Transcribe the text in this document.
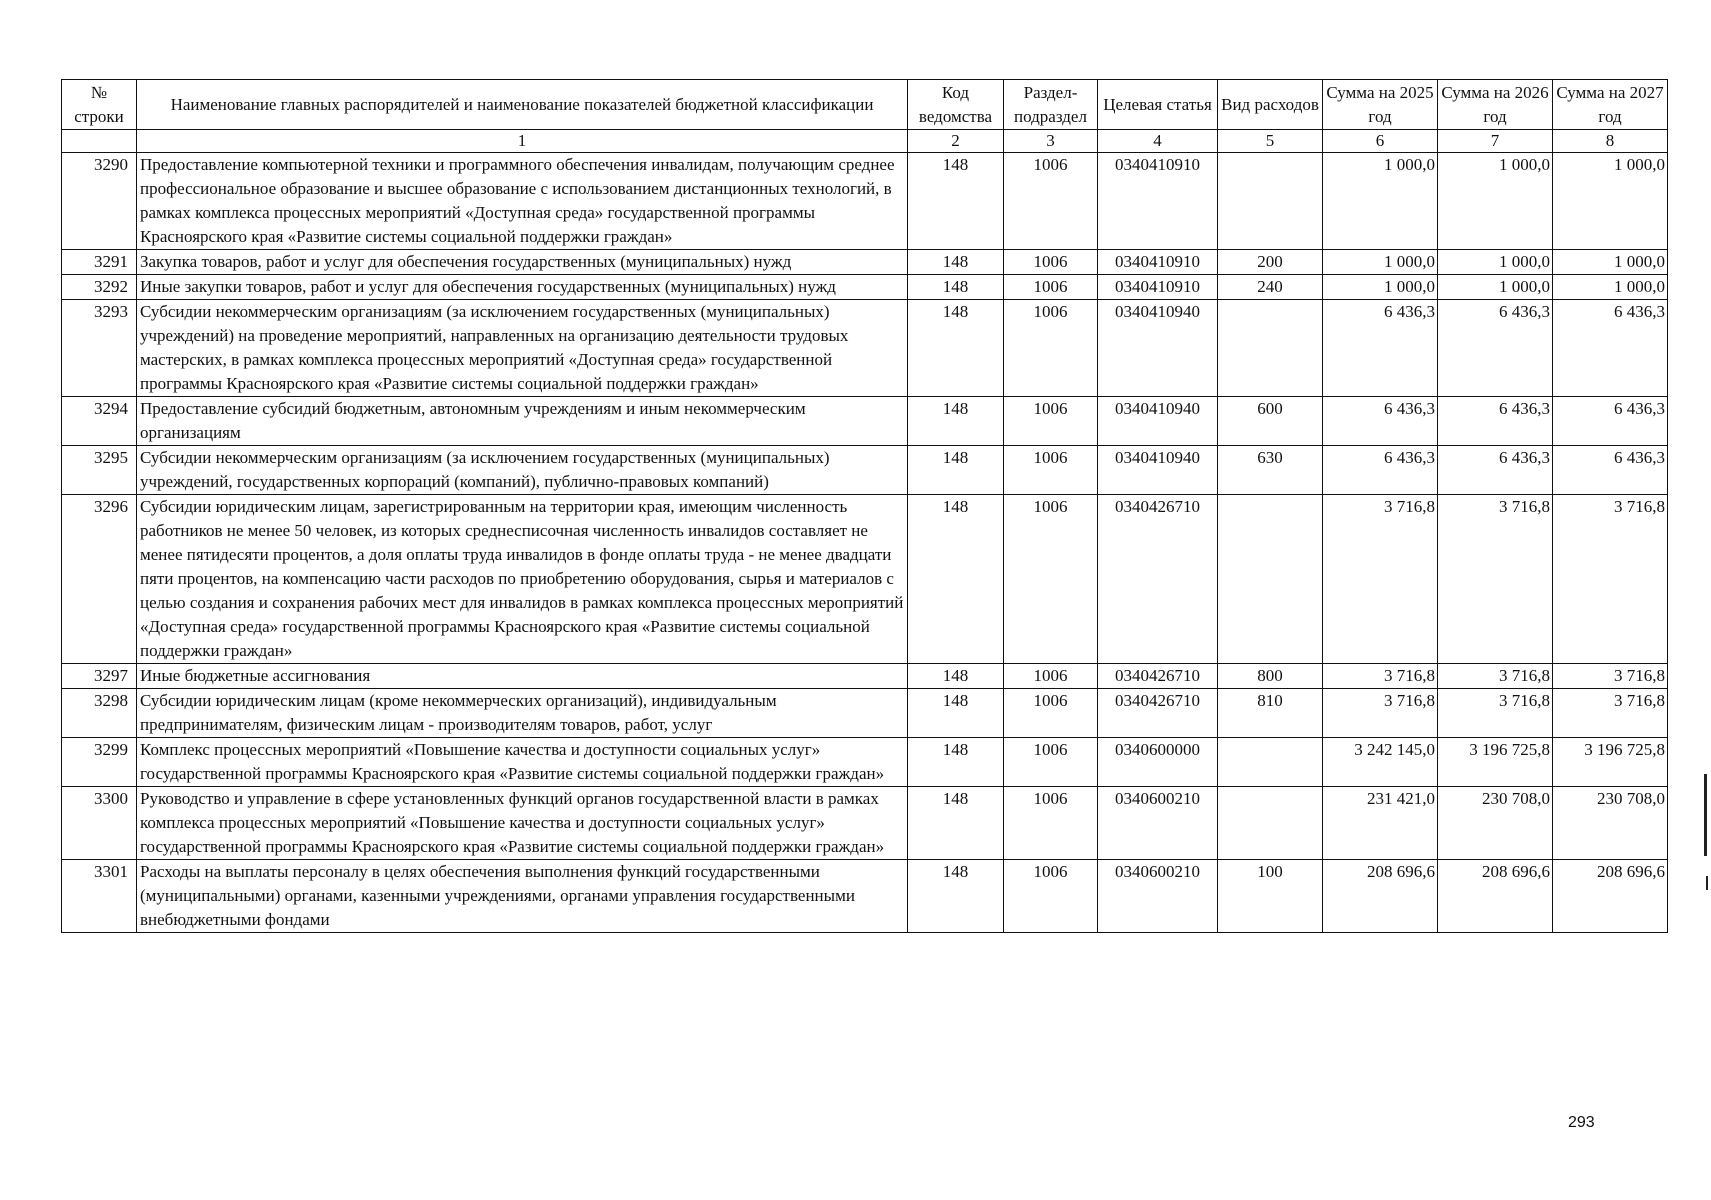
№ строки	Наименование главных распорядителей и наименование показателей бюджетной классификации	Код ведомства	Раздел-подраздел	Целевая статья	Вид расходов	Сумма на 2025 год	Сумма на 2026 год	Сумма на 2027 год
	1	2	3	4	5	6	7	8
3290	Предоставление компьютерной техники и программного обеспечения инвалидам, получающим среднее профессиональное образование и высшее образование с использованием дистанционных технологий, в рамках комплекса процессных мероприятий «Доступная среда» государственной программы Красноярского края «Развитие системы социальной поддержки граждан»	148	1006	0340410910		1 000,0	1 000,0	1 000,0
3291	Закупка товаров, работ и услуг для обеспечения государственных (муниципальных) нужд	148	1006	0340410910	200	1 000,0	1 000,0	1 000,0
3292	Иные закупки товаров, работ и услуг для обеспечения государственных (муниципальных) нужд	148	1006	0340410910	240	1 000,0	1 000,0	1 000,0
3293	Субсидии некоммерческим организациям (за исключением государственных (муниципальных) учреждений) на проведение мероприятий, направленных на организацию деятельности трудовых мастерских, в рамках комплекса процессных мероприятий «Доступная среда» государственной программы Красноярского края «Развитие системы социальной поддержки граждан»	148	1006	0340410940		6 436,3	6 436,3	6 436,3
3294	Предоставление субсидий бюджетным, автономным учреждениям и иным некоммерческим организациям	148	1006	0340410940	600	6 436,3	6 436,3	6 436,3
3295	Субсидии некоммерческим организациям (за исключением государственных (муниципальных) учреждений, государственных корпораций (компаний), публично-правовых компаний)	148	1006	0340410940	630	6 436,3	6 436,3	6 436,3
3296	Субсидии юридическим лицам, зарегистрированным на территории края, имеющим численность работников не менее 50 человек, из которых среднесписочная численность инвалидов составляет не менее пятидесяти процентов, а доля оплаты труда инвалидов в фонде оплаты труда - не менее двадцати пяти процентов, на компенсацию части расходов по приобретению оборудования, сырья и материалов с целью создания и сохранения рабочих мест для инвалидов в рамках комплекса процессных мероприятий «Доступная среда» государственной программы Красноярского края «Развитие системы социальной поддержки граждан»	148	1006	0340426710		3 716,8	3 716,8	3 716,8
3297	Иные бюджетные ассигнования	148	1006	0340426710	800	3 716,8	3 716,8	3 716,8
3298	Субсидии юридическим лицам (кроме некоммерческих организаций), индивидуальным предпринимателям, физическим лицам - производителям товаров, работ, услуг	148	1006	0340426710	810	3 716,8	3 716,8	3 716,8
3299	Комплекс процессных мероприятий «Повышение качества и доступности социальных услуг» государственной программы Красноярского края «Развитие системы социальной поддержки граждан»	148	1006	0340600000		3 242 145,0	3 196 725,8	3 196 725,8
3300	Руководство и управление в сфере установленных функций органов государственной власти в рамках комплекса процессных мероприятий «Повышение качества и доступности социальных услуг» государственной программы Красноярского края «Развитие системы социальной поддержки граждан»	148	1006	0340600210		231 421,0	230 708,0	230 708,0
3301	Расходы на выплаты персоналу в целях обеспечения выполнения функций государственными (муниципальными) органами, казенными учреждениями, органами управления государственными внебюджетными фондами	148	1006	0340600210	100	208 696,6	208 696,6	208 696,6
293
